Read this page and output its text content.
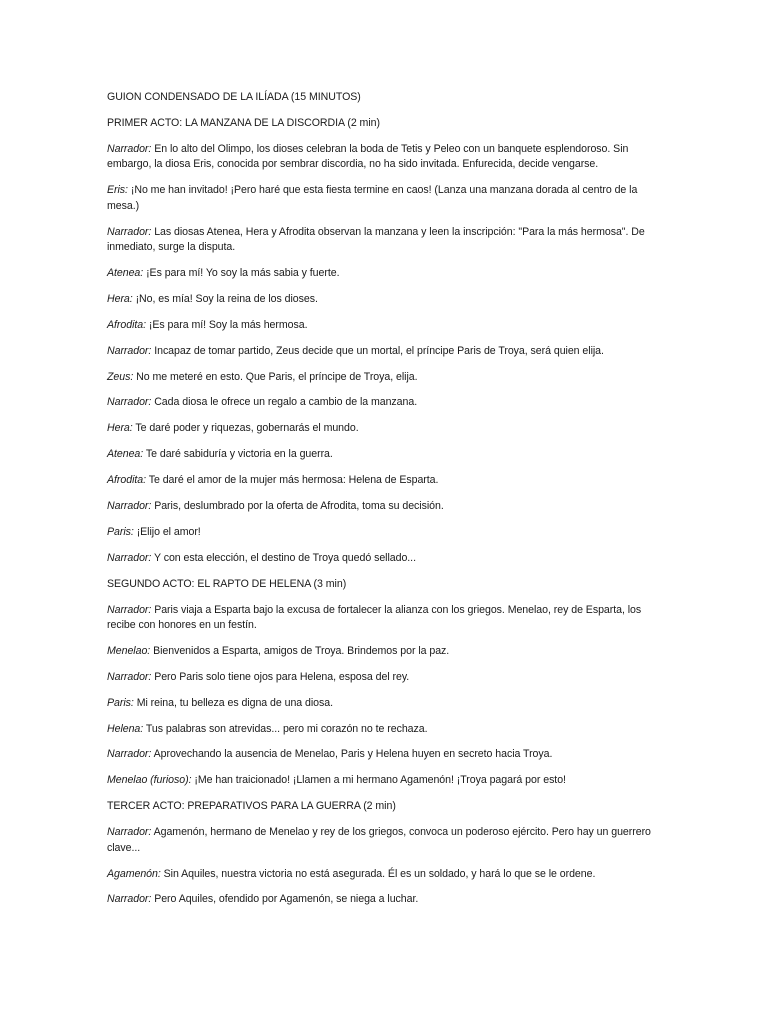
GUION CONDENSADO DE LA ILÍADA (15 MINUTOS)

PRIMER ACTO: LA MANZANA DE LA DISCORDIA (2 min)

Narrador: En lo alto del Olimpo, los dioses celebran la boda de Tetis y Peleo con un banquete esplendoroso. Sin embargo, la diosa Eris, conocida por sembrar discordia, no ha sido invitada. Enfurecida, decide vengarse.

Eris: ¡No me han invitado! ¡Pero haré que esta fiesta termine en caos! (Lanza una manzana dorada al centro de la mesa.)

Narrador: Las diosas Atenea, Hera y Afrodita observan la manzana y leen la inscripción: "Para la más hermosa". De inmediato, surge la disputa.

Atenea: ¡Es para mí! Yo soy la más sabia y fuerte.

Hera: ¡No, es mía! Soy la reina de los dioses.

Afrodita: ¡Es para mí! Soy la más hermosa.

Narrador: Incapaz de tomar partido, Zeus decide que un mortal, el príncipe Paris de Troya, será quien elija.

Zeus: No me meteré en esto. Que Paris, el príncipe de Troya, elija.

Narrador: Cada diosa le ofrece un regalo a cambio de la manzana.

Hera: Te daré poder y riquezas, gobernarás el mundo.

Atenea: Te daré sabiduría y victoria en la guerra.

Afrodita: Te daré el amor de la mujer más hermosa: Helena de Esparta.

Narrador: Paris, deslumbrado por la oferta de Afrodita, toma su decisión.

Paris: ¡Elijo el amor!

Narrador: Y con esta elección, el destino de Troya quedó sellado...

SEGUNDO ACTO: EL RAPTO DE HELENA (3 min)

Narrador: Paris viaja a Esparta bajo la excusa de fortalecer la alianza con los griegos. Menelao, rey de Esparta, los recibe con honores en un festín.

Menelao: Bienvenidos a Esparta, amigos de Troya. Brindemos por la paz.

Narrador: Pero Paris solo tiene ojos para Helena, esposa del rey.

Paris: Mi reina, tu belleza es digna de una diosa.

Helena: Tus palabras son atrevidas... pero mi corazón no te rechaza.

Narrador: Aprovechando la ausencia de Menelao, Paris y Helena huyen en secreto hacia Troya.

Menelao (furioso): ¡Me han traicionado! ¡Llamen a mi hermano Agamenón! ¡Troya pagará por esto!

TERCER ACTO: PREPARATIVOS PARA LA GUERRA (2 min)

Narrador: Agamenón, hermano de Menelao y rey de los griegos, convoca un poderoso ejército. Pero hay un guerrero clave...

Agamenón: Sin Aquiles, nuestra victoria no está asegurada. Él es un soldado, y hará lo que se le ordene.

Narrador: Pero Aquiles, ofendido por Agamenón, se niega a luchar.
